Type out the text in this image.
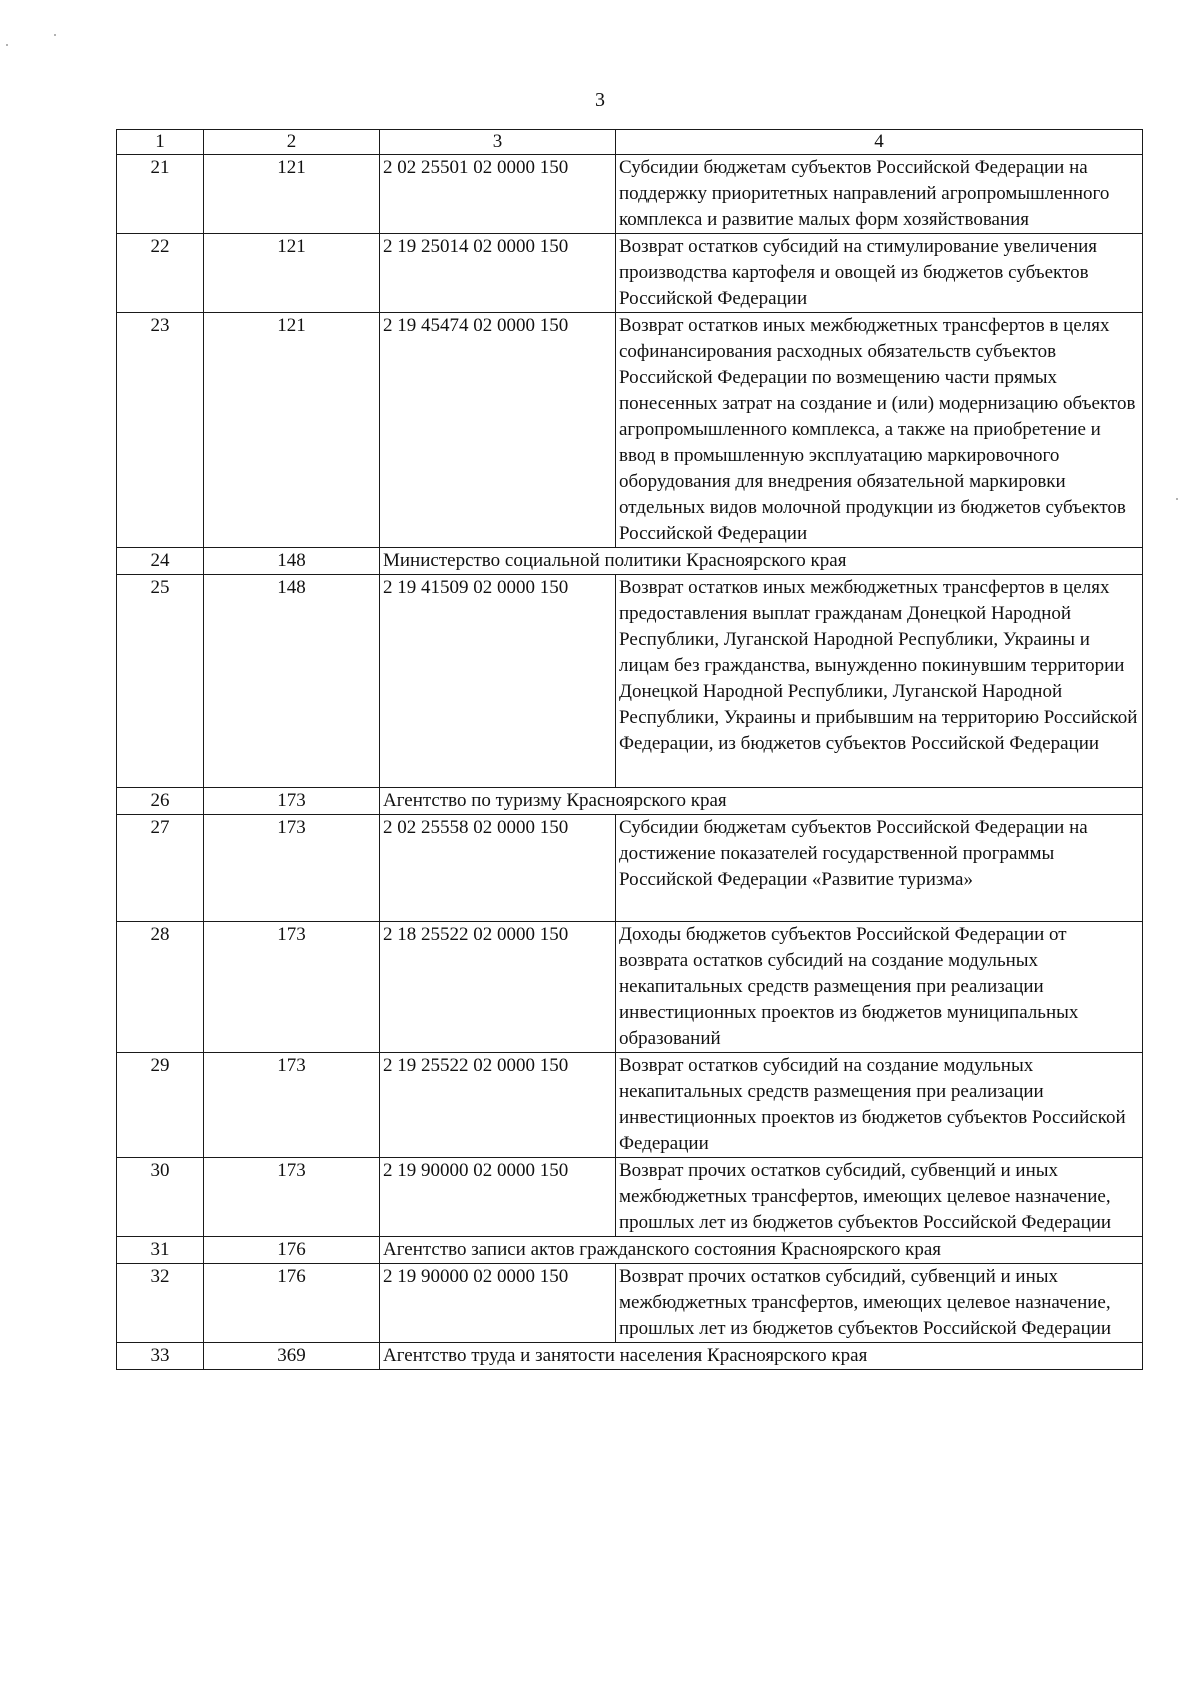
3
1	2	3	4
21	121	2 02 25501 02 0000 150	Субсидии бюджетам субъектов Российской Федерации на поддержку приоритетных направлений агропромышленного комплекса и развитие малых форм хозяйствования
22	121	2 19 25014 02 0000 150	Возврат остатков субсидий на стимулирование увеличения производства картофеля и овощей из бюджетов субъектов Российской Федерации
23	121	2 19 45474 02 0000 150	Возврат остатков иных межбюджетных трансфертов в целях софинансирования расходных обязательств субъектов Российской Федерации по возмещению части прямых понесенных затрат на создание и (или) модернизацию объектов агропромышленного комплекса, а также на приобретение и ввод в промышленную эксплуатацию маркировочного оборудования для внедрения обязательной маркировки отдельных видов молочной продукции из бюджетов субъектов Российской Федерации
24	148	Министерство социальной политики Красноярского края	
25	148	2 19 41509 02 0000 150	Возврат остатков иных межбюджетных трансфертов в целях предоставления выплат гражданам Донецкой Народной Республики, Луганской Народной Республики, Украины и лицам без гражданства, вынужденно покинувшим территории Донецкой Народной Республики, Луганской Народной Республики, Украины и прибывшим на территорию Российской Федерации, из бюджетов субъектов Российской Федерации
26	173	Агентство по туризму Красноярского края	
27	173	2 02 25558 02 0000 150	Субсидии бюджетам субъектов Российской Федерации на достижение показателей государственной программы Российской Федерации «Развитие туризма»
28	173	2 18 25522 02 0000 150	Доходы бюджетов субъектов Российской Федерации от возврата остатков субсидий на создание модульных некапитальных средств размещения при реализации инвестиционных проектов из бюджетов муниципальных образований
29	173	2 19 25522 02 0000 150	Возврат остатков субсидий на создание модульных некапитальных средств размещения при реализации инвестиционных проектов из бюджетов субъектов Российской Федерации
30	173	2 19 90000 02 0000 150	Возврат прочих остатков субсидий, субвенций и иных межбюджетных трансфертов, имеющих целевое назначение, прошлых лет из бюджетов субъектов Российской Федерации
31	176	Агентство записи актов гражданского состояния Красноярского края	
32	176	2 19 90000 02 0000 150	Возврат прочих остатков субсидий, субвенций и иных межбюджетных трансфертов, имеющих целевое назначение, прошлых лет из бюджетов субъектов Российской Федерации
33	369	Агентство труда и занятости населения Красноярского края	
